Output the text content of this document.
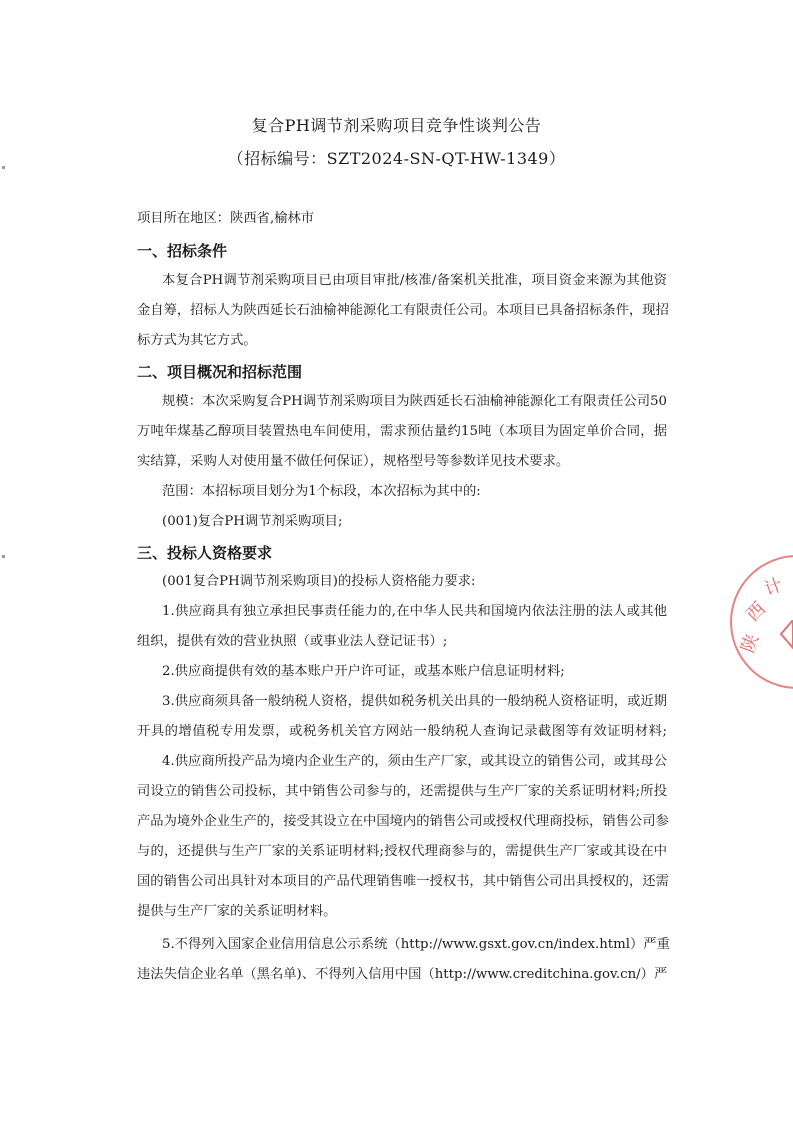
复合PH调节剂采购项目竞争性谈判公告
（招标编号：SZT2024-SN-QT-HW-1349）
项目所在地区：陕西省,榆林市
一、招标条件
本复合PH调节剂采购项目已由项目审批/核准/备案机关批准，项目资金来源为其他资
金自筹，招标人为陕西延长石油榆神能源化工有限责任公司。本项目已具备招标条件，现招
标方式为其它方式。
二、项目概况和招标范围
规模：本次采购复合PH调节剂采购项目为陕西延长石油榆神能源化工有限责任公司50
万吨年煤基乙醇项目装置热电车间使用，需求预估量约15吨（本项目为固定单价合同，据
实结算，采购人对使用量不做任何保证），规格型号等参数详见技术要求。
范围：本招标项目划分为1个标段，本次招标为其中的:
(001)复合PH调节剂采购项目;
三、投标人资格要求
(001复合PH调节剂采购项目)的投标人资格能力要求:
1.供应商具有独立承担民事责任能力的,在中华人民共和国境内依法注册的法人或其他
组织，提供有效的营业执照（或事业法人登记证书）;
2.供应商提供有效的基本账户开户许可证，或基本账户信息证明材料;
3.供应商须具备一般纳税人资格，提供如税务机关出具的一般纳税人资格证明，或近期
开具的增值税专用发票，或税务机关官方网站一般纳税人查询记录截图等有效证明材料;
4.供应商所投产品为境内企业生产的，须由生产厂家，或其设立的销售公司，或其母公
司设立的销售公司投标，其中销售公司参与的，还需提供与生产厂家的关系证明材料;所投
产品为境外企业生产的，接受其设立在中国境内的销售公司或授权代理商投标，销售公司参
与的，还提供与生产厂家的关系证明材料;授权代理商参与的，需提供生产厂家或其设在中
国的销售公司出具针对本项目的产品代理销售唯一授权书，其中销售公司出具授权的，还需
提供与生产厂家的关系证明材料。
5.不得列入国家企业信用信息公示系统（http://www.gsxt.gov.cn/index.html）严重
违法失信企业名单（黑名单)、不得列入信用中国（http://www.creditchina.gov.cn/）严
陕
西
计
